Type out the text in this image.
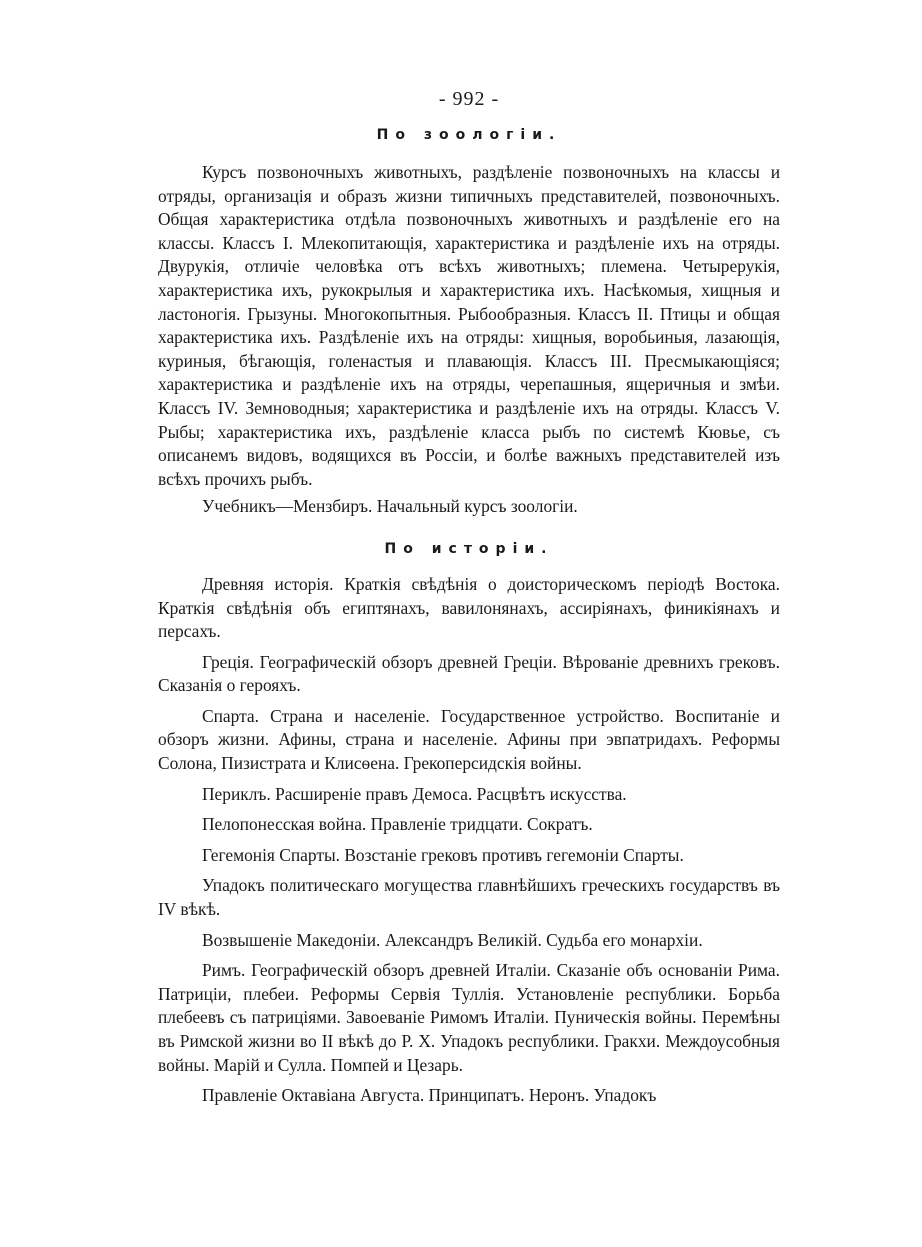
- 992 -
По зоологіи.

Курсъ позвоночныхъ животныхъ, раздѣленіе позвоночныхъ на классы и отряды, организація и образъ жизни типичныхъ представителей, позвоночныхъ. Общая характеристика отдѣла позвоночныхъ животныхъ и раздѣленіе его на классы. Классъ I. Млекопитающія, характеристика и раздѣленіе ихъ на отряды. Двурукія, отличіе человѣка отъ всѣхъ животныхъ; племена. Четырерукія, характеристика ихъ, рукокрылыя и характеристика ихъ. Насѣкомыя, хищныя и ластоногія. Грызуны. Многокопытныя. Рыбообразныя. Классъ II. Птицы и общая характеристика ихъ. Раздѣленіе ихъ на отряды: хищныя, воробьиныя, лазающія, куриныя, бѣгающія, голенастыя и плавающія. Классъ III. Пресмыкающіяся; характеристика и раздѣленіе ихъ на отряды, черепашныя, ящеричныя и змѣи. Классъ IV. Земноводныя; характеристика и раздѣленіе ихъ на отряды. Классъ V. Рыбы; характеристика ихъ, раздѣленіе класса рыбъ по системѣ Кювье, съ описанемъ видовъ, водящихся въ Россіи, и болѣе важныхъ представителей изъ всѣхъ прочихъ рыбъ.

Учебникъ—Мензбиръ. Начальный курсъ зоологіи.

По исторіи.

Древняя исторія. Краткія свѣдѣнія о доисторическомъ періодѣ Востока. Краткія свѣдѣнія объ египтянахъ, вавилонянахъ, ассиріянахъ, финикіянахъ и персахъ.

Греція. Географическій обзоръ древней Греціи. Вѣрованіе древнихъ грековъ. Сказанія о герояхъ.

Спарта. Страна и населеніе. Государственное устройство. Воспитаніе и обзоръ жизни. Афины, страна и населеніе. Афины при эвпатридахъ. Реформы Солона, Пизистрата и Клисѳена. Грекоперсидскія войны.

Периклъ. Расширеніе правъ Демоса. Расцвѣтъ искусства.

Пелопонесская война. Правленіе тридцати. Сократъ.

Гегемонія Спарты. Возстаніе грековъ противъ гегемоніи Спарты.

Упадокъ политическаго могущества главнѣйшихъ греческихъ государствъ въ IV вѣкѣ.

Возвышеніе Македоніи. Александръ Великій. Судьба его монархіи.

Римъ. Географическій обзоръ древней Италіи. Сказаніе объ основаніи Рима. Патриціи, плебеи. Реформы Сервія Туллія. Установленіе республики. Борьба плебеевъ съ патриціями. Завоеваніе Римомъ Италіи. Пуническія войны. Перемѣны въ Римской жизни во II вѣкѣ до Р. Х. Упадокъ республики. Гракхи. Междоусобныя войны. Марій и Сулла. Помпей и Цезарь.

Правленіе Октавіана Августа. Принципатъ. Неронъ. Упадокъ
